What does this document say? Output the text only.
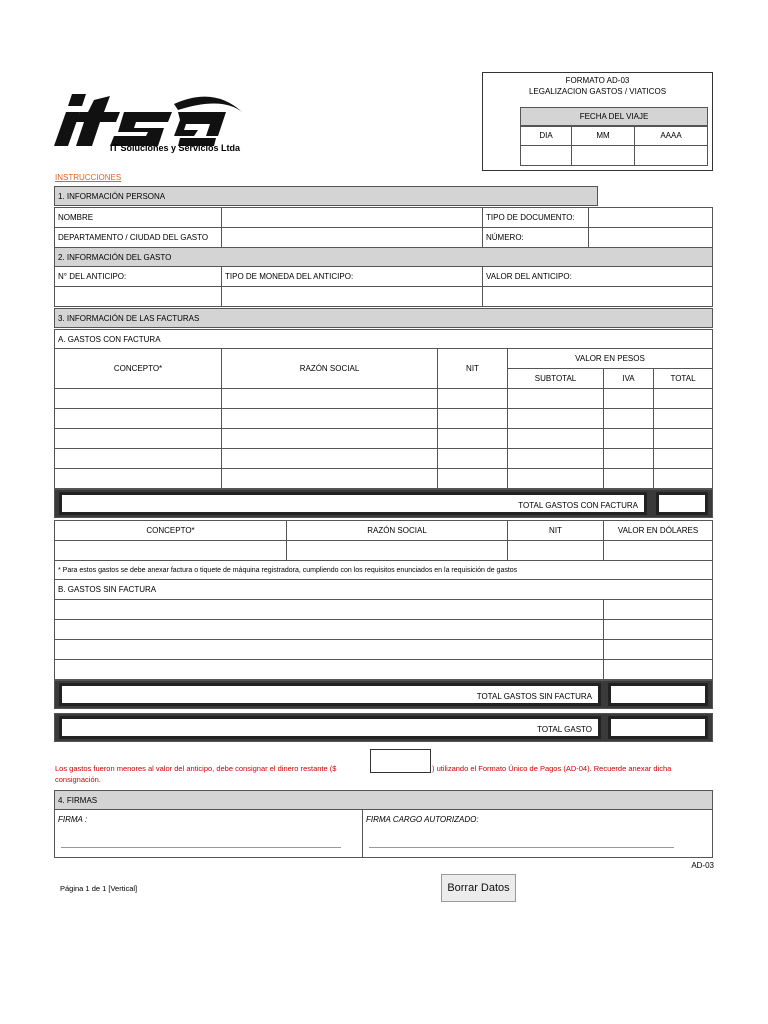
IT Soluciones y Servicios Ltda
FORMATO AD-03
LEGALIZACION GASTOS / VIATICOS
FECHA DEL VIAJE
DIA	MM	AAAA
INSTRUCCIONES
1. INFORMACIÓN PERSONA
NOMBRE	TIPO DE DOCUMENTO:
DEPARTAMENTO / CIUDAD DEL GASTO	NÚMERO:
2. INFORMACIÓN DEL GASTO
N° DEL ANTICIPO:	TIPO DE MONEDA DEL ANTICIPO:	VALOR DEL ANTICIPO:
3. INFORMACIÓN DE LAS FACTURAS
A. GASTOS CON FACTURA
CONCEPTO*	RAZÓN SOCIAL	NIT
VALOR EN PESOS
SUBTOTAL	IVA	TOTAL
TOTAL GASTOS CON FACTURA
CONCEPTO*	RAZÓN SOCIAL	NIT	VALOR EN DÓLARES
* Para estos gastos se debe anexar factura o tiquete de máquina registradora, cumpliendo con los requisitos enunciados en la requisición de gastos
B. GASTOS SIN FACTURA
TOTAL GASTOS SIN FACTURA
TOTAL GASTO
Los gastos fueron menores al valor del anticipo, debe consignar el dinero restante ($	) utilizando el Formato Único de Pagos (AD-04). Recuerde anexar dicha
consignación.
4. FIRMAS
FIRMA :	FIRMA CARGO AUTORIZADO:
AD-03
Página 1 de 1 [Vertical]	Borrar Datos
